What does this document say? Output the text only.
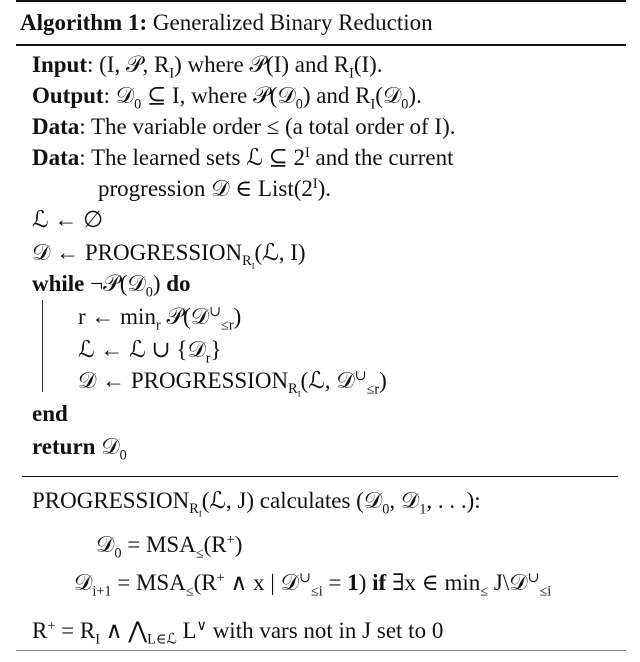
Algorithm 1: Generalized Binary Reduction
Input: (I, 𝒫, $R_I$) where 𝒫(I) and $R_I(I)$.
Output: 𝒟$_0$ ⊆ I, where 𝒫(𝒟$_0$) and $R_I(𝒟_0)$.
Data: The variable order ≤ (a total order of I).
Data: The learned sets ℒ ⊆ $2^I$ and the current
progression 𝒟 ∈ $List(2^I)$.
ℒ ← ∅
𝒟 ← $PROGRESSION_{R_I}(ℒ$, I)
while ¬𝒫(𝒟$_0$) do
r ← $\min_r$ 𝒫(𝒟∪$_{\le r}$)
ℒ ← ℒ ∪ {𝒟$_r$}
𝒟 ← $PROGRESSION_{R_I}(ℒ$, 𝒟∪$_{\le r}$)
end
return 𝒟$_0$
$PROGRESSION_{R_I}(ℒ$, J) calculates (𝒟$_0$, 𝒟$_1$, . . .):
𝒟$_0$ = $MSA_\le(R^+)$
𝒟$_{i+1}$ = $MSA_\le(R^+$ ∧ x | 𝒟∪$_{\le i}$ = 1) if ∃x ∈ $\min_\le$ J\𝒟∪$_{\le i}$
$R^+ = R_I$ ∧ $⋀_{L\in ℒ}$ L∨ with vars not in J set to 0
